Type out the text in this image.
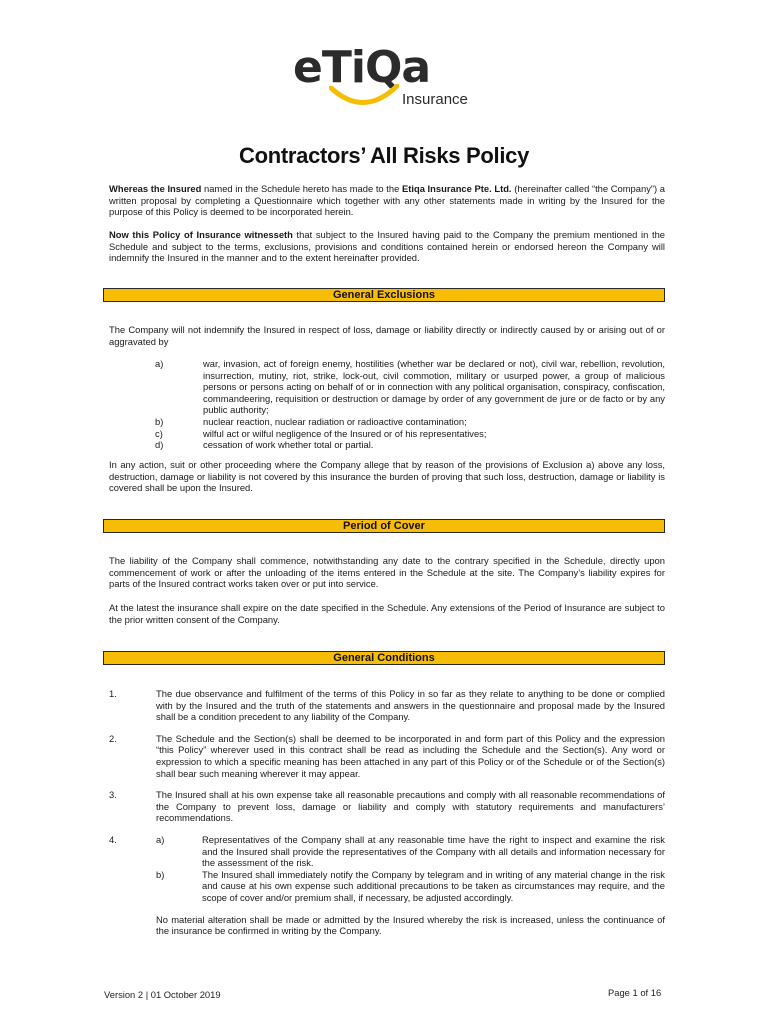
eTiQa
Insurance
Contractors’ All Risks Policy

Whereas the Insured named in the Schedule hereto has made to the Etiqa Insurance Pte. Ltd. (hereinafter called “the Company”) a written proposal by completing a Questionnaire which together with any other statements made in writing by the Insured for the purpose of this Policy is deemed to be incorporated herein.

Now this Policy of Insurance witnesseth that subject to the Insured having paid to the Company the premium mentioned in the Schedule and subject to the terms, exclusions, provisions and conditions contained herein or endorsed hereon the Company will indemnify the Insured in the manner and to the extent hereinafter provided.

General Exclusions

The Company will not indemnify the Insured in respect of loss, damage or liability directly or indirectly caused by or arising out of or aggravated by

a)	war, invasion, act of foreign enemy, hostilities (whether war be declared or not), civil war, rebellion, revolution, insurrection, mutiny, riot, strike, lock-out, civil commotion, military or usurped power, a group of malicious persons or persons acting on behalf of or in connection with any political organisation, conspiracy, confiscation, commandeering, requisition or destruction or damage by order of any government de jure or de facto or by any public authority;
b)	nuclear reaction, nuclear radiation or radioactive contamination;
c)	wilful act or wilful negligence of the Insured or of his representatives;
d)	cessation of work whether total or partial.

In any action, suit or other proceeding where the Company allege that by reason of the provisions of Exclusion a) above any loss, destruction, damage or liability is not covered by this insurance the burden of proving that such loss, destruction, damage or liability is covered shall be upon the Insured.

Period of Cover

The liability of the Company shall commence, notwithstanding any date to the contrary specified in the Schedule, directly upon commencement of work or after the unloading of the items entered in the Schedule at the site. The Company’s liability expires for parts of the Insured contract works taken over or put into service.

At the latest the insurance shall expire on the date specified in the Schedule. Any extensions of the Period of Insurance are subject to the prior written consent of the Company.

General Conditions
1.	The due observance and fulfilment of the terms of this Policy in so far as they relate to anything to be done or complied with by the Insured and the truth of the statements and answers in the questionnaire and proposal made by the Insured shall be a condition precedent to any liability of the Company.
2.	The Schedule and the Section(s) shall be deemed to be incorporated in and form part of this Policy and the expression “this Policy” wherever used in this contract shall be read as including the Schedule and the Section(s). Any word or expression to which a specific meaning has been attached in any part of this Policy or of the Schedule or of the Section(s) shall bear such meaning wherever it may appear.
3.	The Insured shall at his own expense take all reasonable precautions and comply with all reasonable recommendations of the Company to prevent loss, damage or liability and comply with statutory requirements and manufacturers’ recommendations.
4.	a)	Representatives of the Company shall at any reasonable time have the right to inspect and examine the risk and the Insured shall provide the representatives of the Company with all details and information necessary for the assessment of the risk.
b)	The Insured shall immediately notify the Company by telegram and in writing of any material change in the risk and cause at his own expense such additional precautions to be taken as circumstances may require, and the scope of cover and/or premium shall, if necessary, be adjusted accordingly.
No material alteration shall be made or admitted by the Insured whereby the risk is increased, unless the continuance of the insurance be confirmed in writing by the Company.
Version 2 | 01 October 2019	Page 1 of 16
